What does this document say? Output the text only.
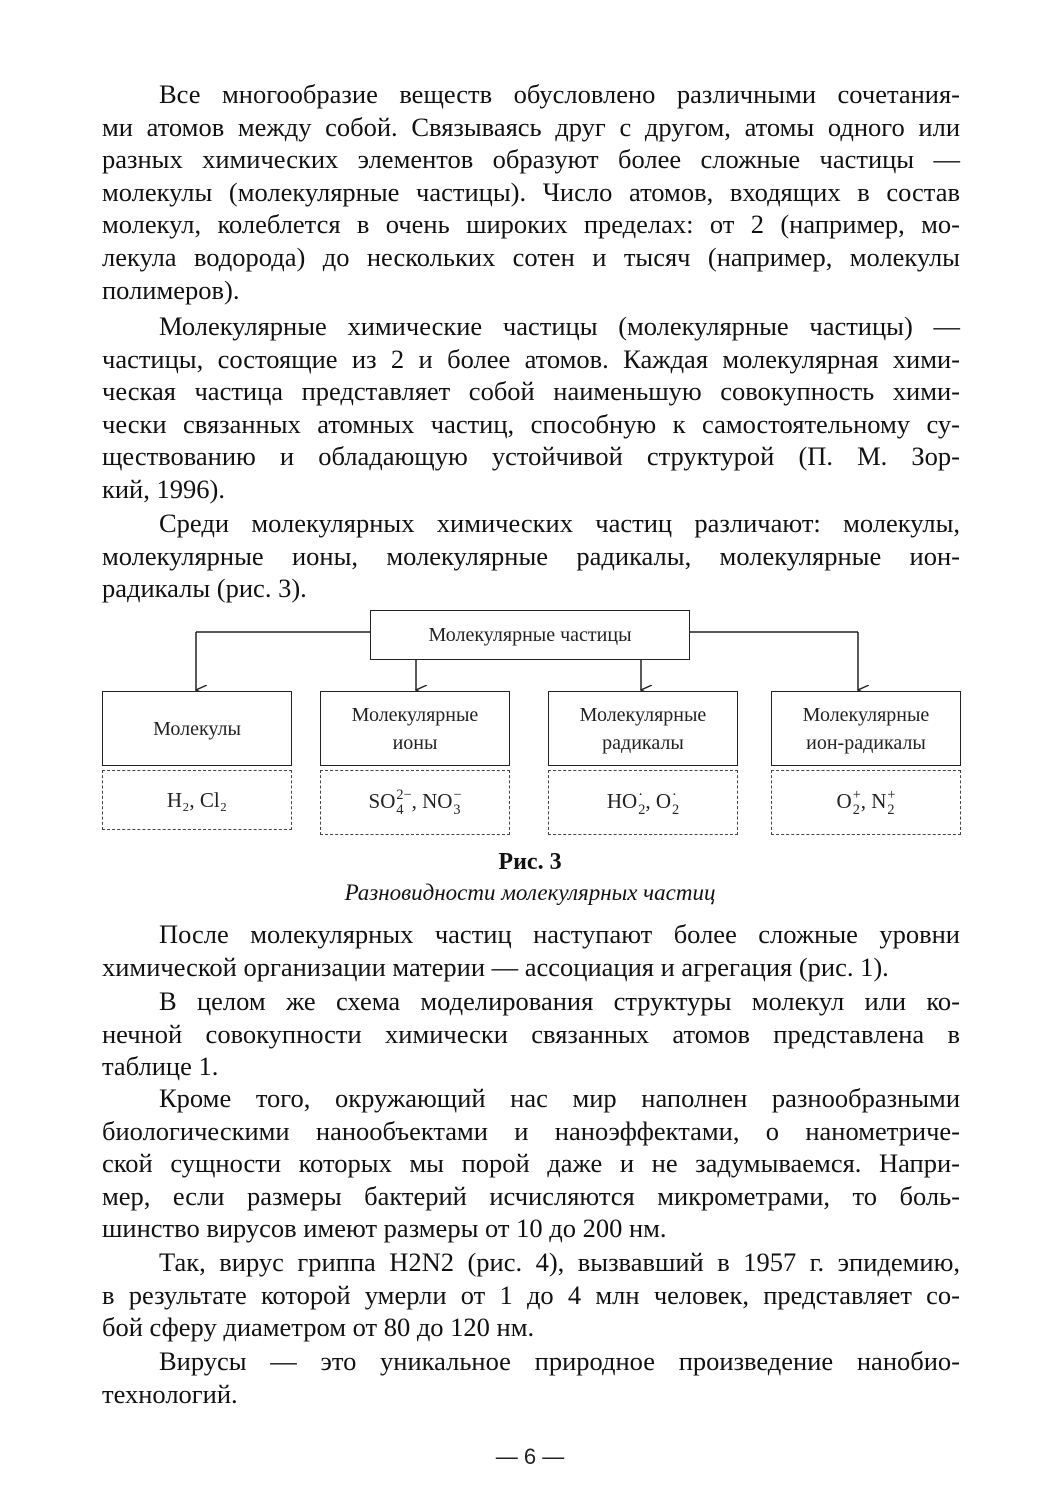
Все многообразие веществ обусловлено различными сочетания-
ми атомов между собой. Связываясь друг с другом, атомы одного или
разных химических элементов образуют более сложные частицы —
молекулы (молекулярные частицы). Число атомов, входящих в состав
молекул, колеблется в очень широких пределах: от 2 (например, мо-
лекула водорода) до нескольких сотен и тысяч (например, молекулы
полимеров).
Молекулярные химические частицы (молекулярные частицы) —
частицы, состоящие из 2 и более атомов. Каждая молекулярная хими-
ческая частица представляет собой наименьшую совокупность хими-
чески связанных атомных частиц, способную к самостоятельному су-
ществованию и обладающую устойчивой структурой (П. М. Зор-
кий, 1996).
Среди молекулярных химических частиц различают: молекулы,
молекулярные ионы, молекулярные радикалы, молекулярные ион-
радикалы (рис. 3).
После молекулярных частиц наступают более сложные уровни
химической организации материи — ассоциация и агрегация (рис. 1).
В целом же схема моделирования структуры молекул или ко-
нечной совокупности химически связанных атомов представлена в
таблице 1.
Кроме того, окружающий нас мир наполнен разнообразными
биологическими нанообъектами и наноэффектами, о нанометриче-
ской сущности которых мы порой даже и не задумываемся. Напри-
мер, если размеры бактерий исчисляются микрометрами, то боль-
шинство вирусов имеют размеры от 10 до 200 нм.
Так, вирус гриппа H2N2 (рис. 4), вызвавший в 1957 г. эпидемию,
в результате которой умерли от 1 до 4 млн человек, представляет со-
бой сферу диаметром от 80 до 120 нм.
Вирусы — это уникальное природное произведение нанобио-
технологий.
Молекулярные частицы
Молекулы
Молекулярные
ионы
Молекулярные
радикалы
Молекулярные
ион-радикалы
H₂, Cl₂	SO 2−
4 , NO −
3	HO ·
2 , O ·
2	O +
2 , N +
2
Рис. 3
Разновидности молекулярных частиц
— 6 —
